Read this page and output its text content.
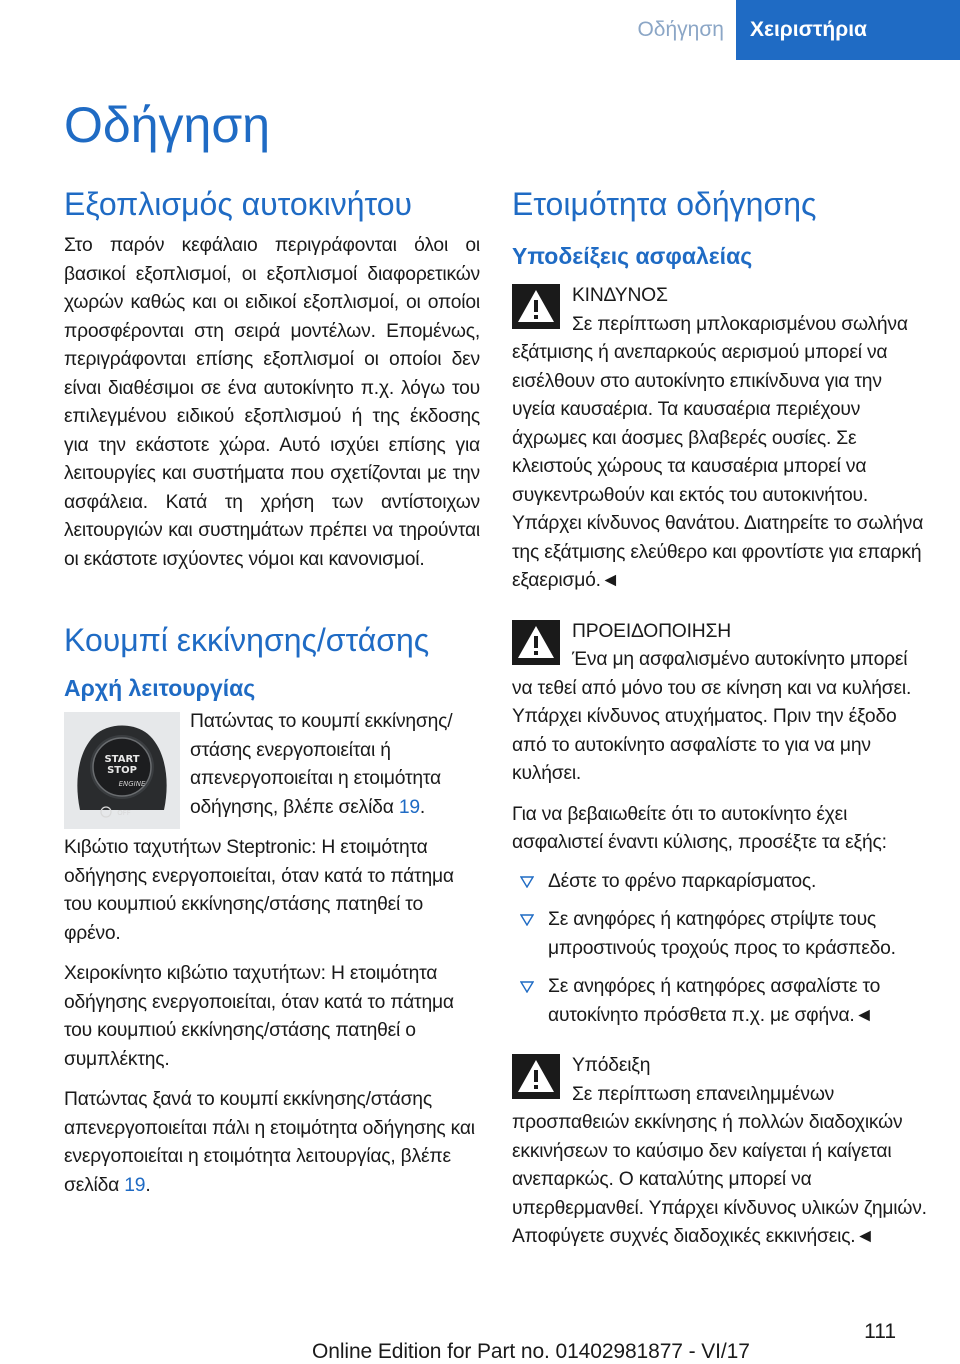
Οδήγηση	Χειριστήρια
Οδήγηση
Εξοπλισμός αυτοκινήτου

Στο παρόν κεφάλαιο περιγράφονται όλοι οι βασικοί εξοπλισμοί, οι εξοπλισμοί διαφορετικών χωρών καθώς και οι ειδικοί εξοπλισμοί, οι οποίοι προσφέρονται στη σειρά μοντέλων. Επομένως, περιγράφονται επίσης εξοπλισμοί οι οποίοι δεν είναι διαθέσιμοι σε ένα αυτοκίνητο π.χ. λόγω του επιλεγμένου ειδικού εξοπλισμού ή της έκδοσης για την εκάστοτε χώρα. Αυτό ισχύει επίσης για λειτουργίες και συστήματα που σχετίζονται με την ασφάλεια. Κατά τη χρήση των αντίστοιχων λειτουργιών και συστημάτων πρέπει να τηρούνται οι εκάστοτε ισχύοντες νόμοι και κανονισμοί.

Κουμπί εκκίνησης/στάσης
Αρχή λειτουργίας
START
STOP
ENGINE
OFF

Πατώντας το κουμπί εκκίνησης/στάσης ενεργοποιείται ή απενεργοποιείται η ετοιμότητα οδήγησης, βλέπε σελίδα 19.

Κιβώτιο ταχυτήτων Steptronic: Η ετοιμότητα οδήγησης ενεργοποιείται, όταν κατά το πάτημα του κουμπιού εκκίνησης/στάσης πατηθεί το φρένο.

Χειροκίνητο κιβώτιο ταχυτήτων: Η ετοιμότητα οδήγησης ενεργοποιείται, όταν κατά το πάτημα του κουμπιού εκκίνησης/στάσης πατηθεί ο συμπλέκτης.

Πατώντας ξανά το κουμπί εκκίνησης/στάσης απενεργοποιείται πάλι η ετοιμότητα οδήγησης και ενεργοποιείται η ετοιμότητα λειτουργίας, βλέπε σελίδα 19.

Ετοιμότητα οδήγησης
Υποδείξεις ασφαλείας

ΚΙΝΔΥΝΟΣ

Σε περίπτωση μπλοκαρισμένου σωλήνα εξάτμισης ή ανεπαρκούς αερισμού μπορεί να εισέλθουν στο αυτοκίνητο επικίνδυνα για την υγεία καυσαέρια. Τα καυσαέρια περιέχουν άχρωμες και άοσμες βλαβερές ουσίες. Σε κλειστούς χώρους τα καυσαέρια μπορεί να συγκεντρωθούν και εκτός του αυτοκινήτου. Υπάρχει κίνδυνος θανάτου. Διατηρείτε το σωλήνα της εξάτμισης ελεύθερο και φροντίστε για επαρκή εξαερισμό.◄

ΠΡΟΕΙΔΟΠΟΙΗΣΗ

Ένα μη ασφαλισμένο αυτοκίνητο μπορεί να τεθεί από μόνο του σε κίνηση και να κυλήσει. Υπάρχει κίνδυνος ατυχήματος. Πριν την έξοδο από το αυτοκίνητο ασφαλίστε το για να μην κυλήσει.

Για να βεβαιωθείτε ότι το αυτοκίνητο έχει ασφαλιστεί έναντι κύλισης, προσέξτε τα εξής:

Δέστε το φρένο παρκαρίσματος.
Σε ανηφόρες ή κατηφόρες στρίψτε τους μπροστινούς τροχούς προς το κράσπεδο.
Σε ανηφόρες ή κατηφόρες ασφαλίστε το αυτοκίνητο πρόσθετα π.χ. με σφήνα.◄

Υπόδειξη

Σε περίπτωση επανειλημμένων προσπαθειών εκκίνησης ή πολλών διαδοχικών εκκινήσεων το καύσιμο δεν καίγεται ή καίγεται ανεπαρκώς. Ο καταλύτης μπορεί να υπερθερμανθεί. Υπάρχει κίνδυνος υλικών ζημιών. Αποφύγετε συχνές διαδοχικές εκκινήσεις.◄

111
Online Edition for Part no. 01402981877 - VI/17
